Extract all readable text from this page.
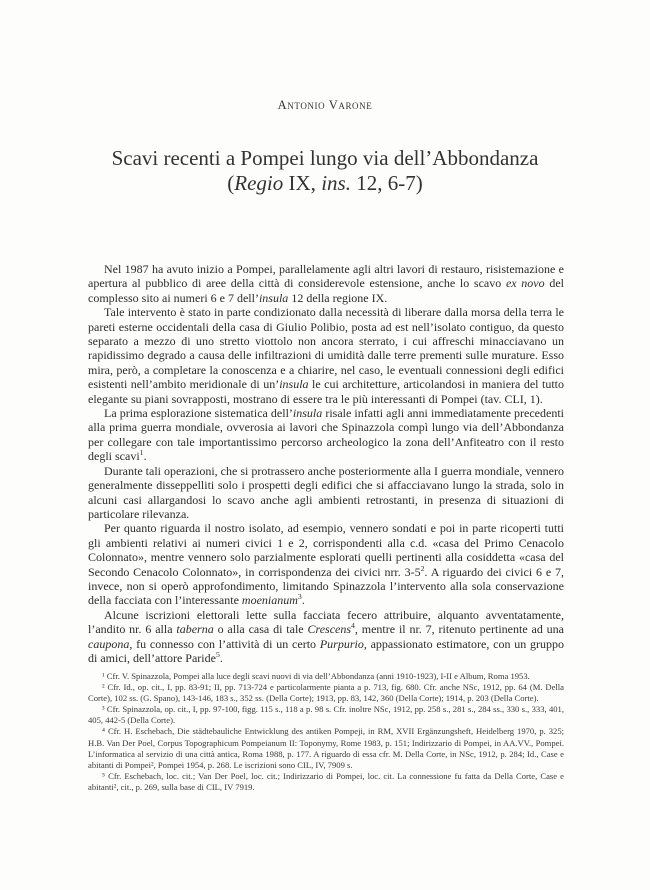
Antonio Varone
Scavi recenti a Pompei lungo via dell’Abbondanza
(Regio IX, ins. 12, 6-7)

Nel 1987 ha avuto inizio a Pompei, parallelamente agli altri lavori di restauro, risistemazione e apertura al pubblico di aree della città di considerevole estensione, anche lo scavo ex novo del complesso sito ai numeri 6 e 7 dell’insula 12 della regione IX.

Tale intervento è stato in parte condizionato dalla necessità di liberare dalla morsa della terra le pareti esterne occidentali della casa di Giulio Polibio, posta ad est nell’isolato contiguo, da questo separato a mezzo di uno stretto viottolo non ancora sterrato, i cui affreschi minacciavano un rapidissimo degrado a causa delle infiltrazioni di umidità dalle terre prementi sulle murature. Esso mira, però, a completare la conoscenza e a chiarire, nel caso, le eventuali connessioni degli edifici esistenti nell’ambito meridionale di un’insula le cui architetture, articolandosi in maniera del tutto elegante su piani sovrapposti, mostrano di essere tra le più interessanti di Pompei (tav. CLI, 1).

La prima esplorazione sistematica dell’insula risale infatti agli anni immediatamente precedenti alla prima guerra mondiale, ovverosia ai lavori che Spinazzola compì lungo via dell’Abbondanza per collegare con tale importantissimo percorso archeologico la zona dell’Anfiteatro con il resto degli scavi$^1$.

Durante tali operazioni, che si protrassero anche posteriormente alla I guerra mondiale, vennero generalmente disseppelliti solo i prospetti degli edifici che si affacciavano lungo la strada, solo in alcuni casi allargandosi lo scavo anche agli ambienti retrostanti, in presenza di situazioni di particolare rilevanza.

Per quanto riguarda il nostro isolato, ad esempio, vennero sondati e poi in parte ricoperti tutti gli ambienti relativi ai numeri civici 1 e 2, corrispondenti alla c.d. «casa del Primo Cenacolo Colonnato», mentre vennero solo parzialmente esplorati quelli pertinenti alla cosiddetta «casa del Secondo Cenacolo Colonnato», in corrispondenza dei civici nrr. $3-5^2$. A riguardo dei civici 6 e 7, invece, non si operò approfondimento, limitando Spinazzola l’intervento alla sola conservazione della facciata con l’interessante moenianum$^3$.

Alcune iscrizioni elettorali lette sulla facciata fecero attribuire, alquanto avventatamente, l’andito nr. 6 alla taberna o alla casa di tale Crescens$^4$, mentre il nr. 7, ritenuto pertinente ad una caupona, fu connesso con l’attività di un certo Purpurio, appassionato estimatore, con un gruppo di amici, dell’attore Paride$^5$.

¹ Cfr. V. Spinazzola, Pompei alla luce degli scavi nuovi di via dell’Abbondanza (anni 1910-1923), I-II e Album, Roma 1953.

² Cfr. Id., op. cit., I, pp. 83-91; II, pp. 713-724 e particolarmente pianta a p. 713, fig. 680. Cfr. anche NSc, 1912, pp. 64 (M. Della Corte), 102 ss. (G. Spano), 143-146, 183 s., 352 ss. (Della Corte); 1913, pp. 83, 142, 360 (Della Corte); 1914, p. 203 (Della Corte).

³ Cfr. Spinazzola, op. cit., I, pp. 97-100, figg. 115 s., 118 a p. 98 s. Cfr. inoltre NSc, 1912, pp. 258 s., 281 s., 284 ss., 330 s., 333, 401, 405, 442-5 (Della Corte).

⁴ Cfr. H. Eschebach, Die städtebauliche Entwicklung des antiken Pompeji, in RM, XVII Ergänzungsheft, Heidelberg 1970, p. 325; H.B. Van Der Poel, Corpus Topographicum Pompeianum II: Toponymy, Rome 1983, p. 151; Indirizzario di Pompei, in AA.VV., Pompei. L’informatica al servizio di una città antica, Roma 1988, p. 177. A riguardo di essa cfr. M. Della Corte, in NSc, 1912, p. 284; Id., Case e abitanti di Pompei², Pompei 1954, p. 268. Le iscrizioni sono CIL, IV, 7909 s.

⁵ Cfr. Eschebach, loc. cit.; Van Der Poel, loc. cit.; Indirizzario di Pompei, loc. cit. La connessione fu fatta da Della Corte, Case e abitanti², cit., p. 269, sulla base di CIL, IV 7919.
